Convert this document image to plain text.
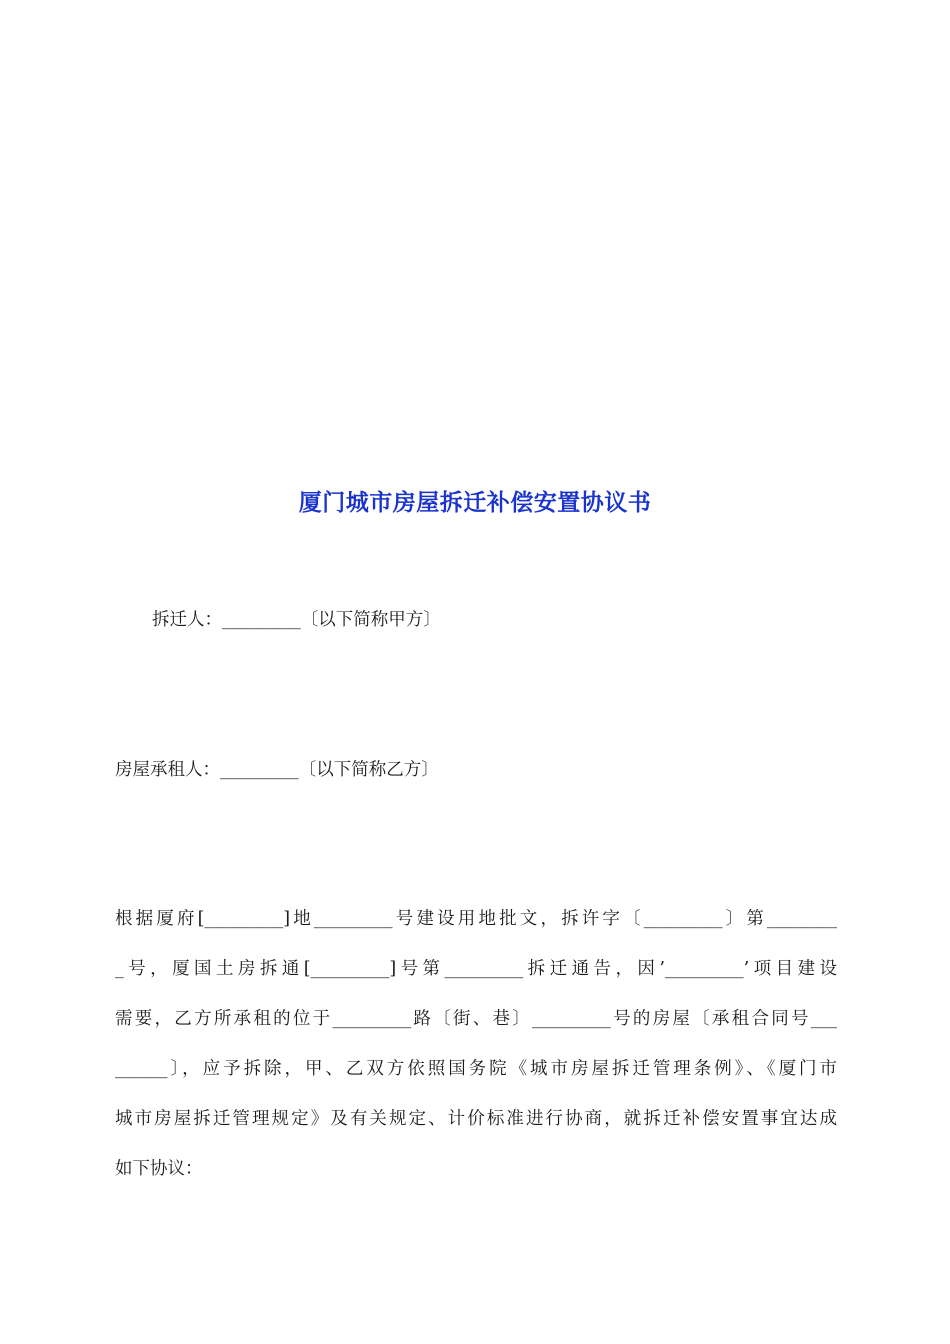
厦门城市房屋拆迁补偿安置协议书

拆迁人：_________〔以下简称甲方〕

房屋承租人：_________〔以下简称乙方〕

根据厦府[_________]地_________号建设用地批文，拆许字〔_________〕第________
_号，厦国土房拆通[_________]号第_________拆迁通告，因’_________’项目建设
需要，乙方所承租的位于_________路〔街、巷〕_________号的房屋〔承租合同号___
______〕，应予拆除，甲、乙双方依照国务院《城市房屋拆迁管理条例》、《厦门市
城市房屋拆迁管理规定》及有关规定、计价标准进行协商，就拆迁补偿安置事宜达成
如下协议：
